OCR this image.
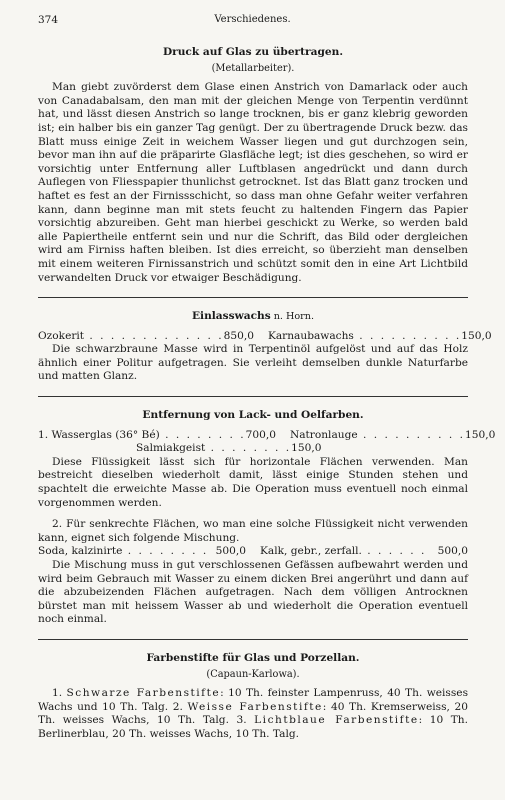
374	Verschiedenes.

Druck auf Glas zu übertragen.

(Metallarbeiter).

Man giebt zuvörderst dem Glase einen Anstrich von Damarlack oder auch von Canadabalsam, den man mit der gleichen Menge von Terpentin verdünnt hat, und lässt diesen Anstrich so lange trocknen, bis er ganz klebrig geworden ist; ein halber bis ein ganzer Tag genügt. Der zu übertragende Druck bezw. das Blatt muss einige Zeit in weichem Wasser liegen und gut durchzogen sein, bevor man ihn auf die präparirte Glasfläche legt; ist dies geschehen, so wird er vorsichtig unter Entfernung aller Luftblasen angedrückt und dann durch Auflegen von Fliesspapier thunlichst getrocknet. Ist das Blatt ganz trocken und haftet es fest an der Firnissschicht, so dass man ohne Gefahr weiter verfahren kann, dann beginne man mit stets feucht zu haltenden Fingern das Papier vorsichtig abzureiben. Geht man hierbei geschickt zu Werke, so werden bald alle Papiertheile entfernt sein und nur die Schrift, das Bild oder dergleichen wird am Firniss haften bleiben. Ist dies erreicht, so überzieht man denselben mit einem weiteren Firnissanstrich und schützt somit den in eine Art Lichtbild verwandelten Druck vor etwaiger Beschädigung.

Einlasswachs n. Horn.

Ozokerit . . . . . . . . . . . . . 850,0 Karnaubawachs . . . . . . . . . . 150,0

Die schwarzbraune Masse wird in Terpentinöl aufgelöst und auf das Holz ähnlich einer Politur aufgetragen. Sie verleiht demselben dunkle Naturfarbe und matten Glanz.

Entfernung von Lack- und Oelfarben.

1. Wasserglas (36° Bé) . . . . . . . . 700,0 Natronlauge . . . . . . . . . . 150,0
Salmiakgeist . . . . . . . . 150,0

Diese Flüssigkeit lässt sich für horizontale Flächen verwenden. Man bestreicht dieselben wiederholt damit, lässt einige Stunden stehen und spachtelt die erweichte Masse ab. Die Operation muss eventuell noch einmal vorgenommen werden.

2. Für senkrechte Flächen, wo man eine solche Flüssigkeit nicht verwenden kann, eignet sich folgende Mischung.

Soda, kalzinirte . . . . . . . . 500,0 Kalk, gebr., zerfall. . . . . . .	500,0

Die Mischung muss in gut verschlossenen Gefässen aufbewahrt werden und wird beim Gebrauch mit Wasser zu einem dicken Brei angerührt und dann auf die abzubeizenden Flächen aufgetragen. Nach dem völligen Antrocknen bürstet man mit heissem Wasser ab und wiederholt die Operation eventuell noch einmal.

Farbenstifte für Glas und Porzellan.

(Capaun-Karlowa).

1. Schwarze Farbenstifte: 10 Th. feinster Lampenruss, 40 Th. weisses Wachs und 10 Th. Talg. 2. Weisse Farbenstifte: 40 Th. Kremserweiss, 20 Th. weisses Wachs, 10 Th. Talg. 3. Lichtblaue Farbenstifte: 10 Th. Berlinerblau, 20 Th. weisses Wachs, 10 Th. Talg.
